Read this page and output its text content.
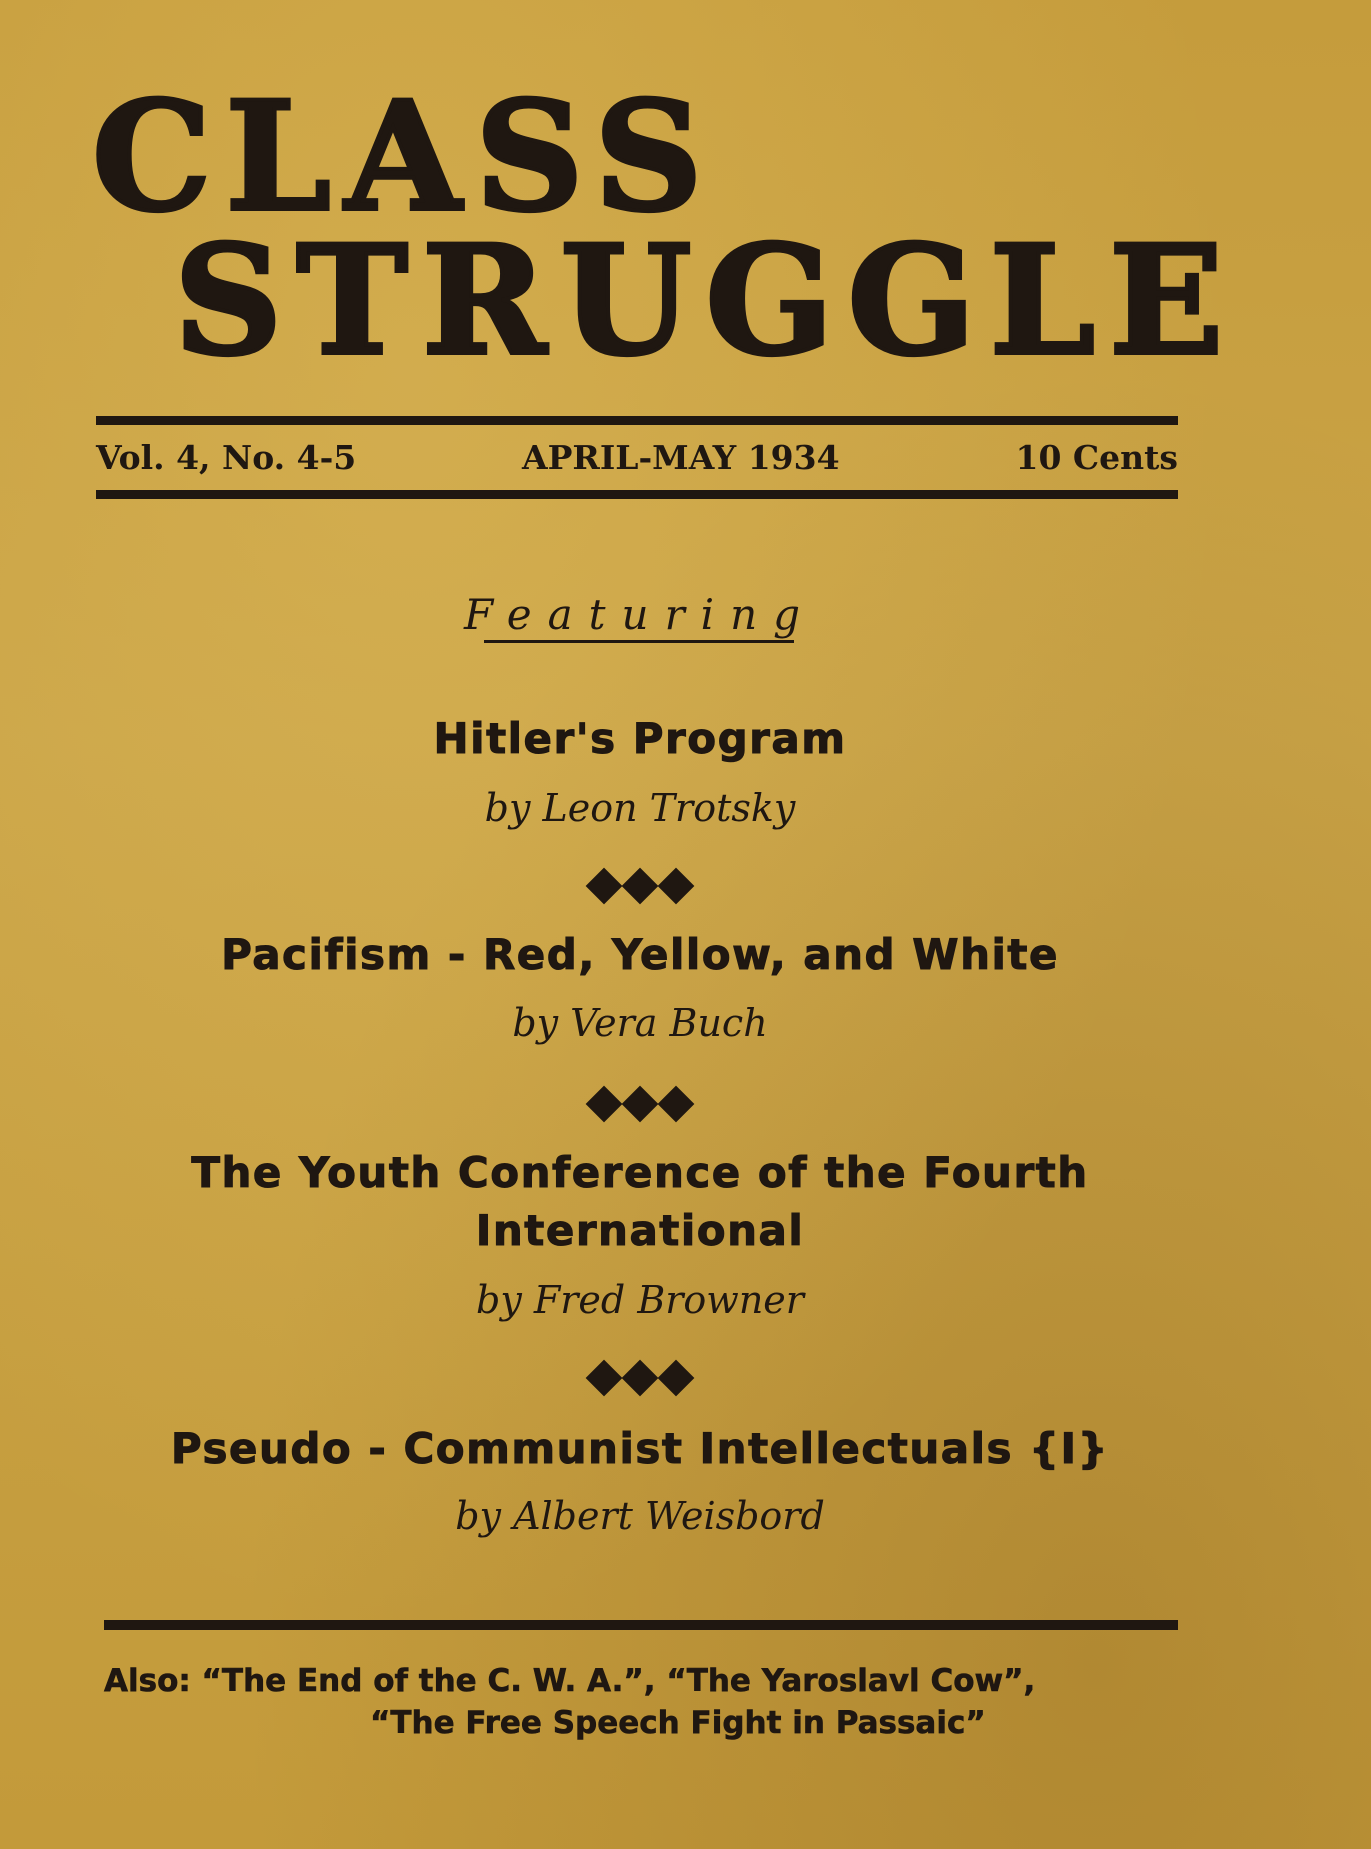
CLASS
STRUGGLE
Vol. 4, No. 4-5	APRIL-MAY 1934	10 Cents
Featuring
Hitler's Program
by Leon Trotsky
Pacifism - Red, Yellow, and White
by Vera Buch
The Youth Conference of the Fourth
International
by Fred Browner
Pseudo - Communist Intellectuals {I}
by Albert Weisbord
Also: “The End of the C. W. A.”, “The Yaroslavl Cow”,
“The Free Speech Fight in Passaic”
